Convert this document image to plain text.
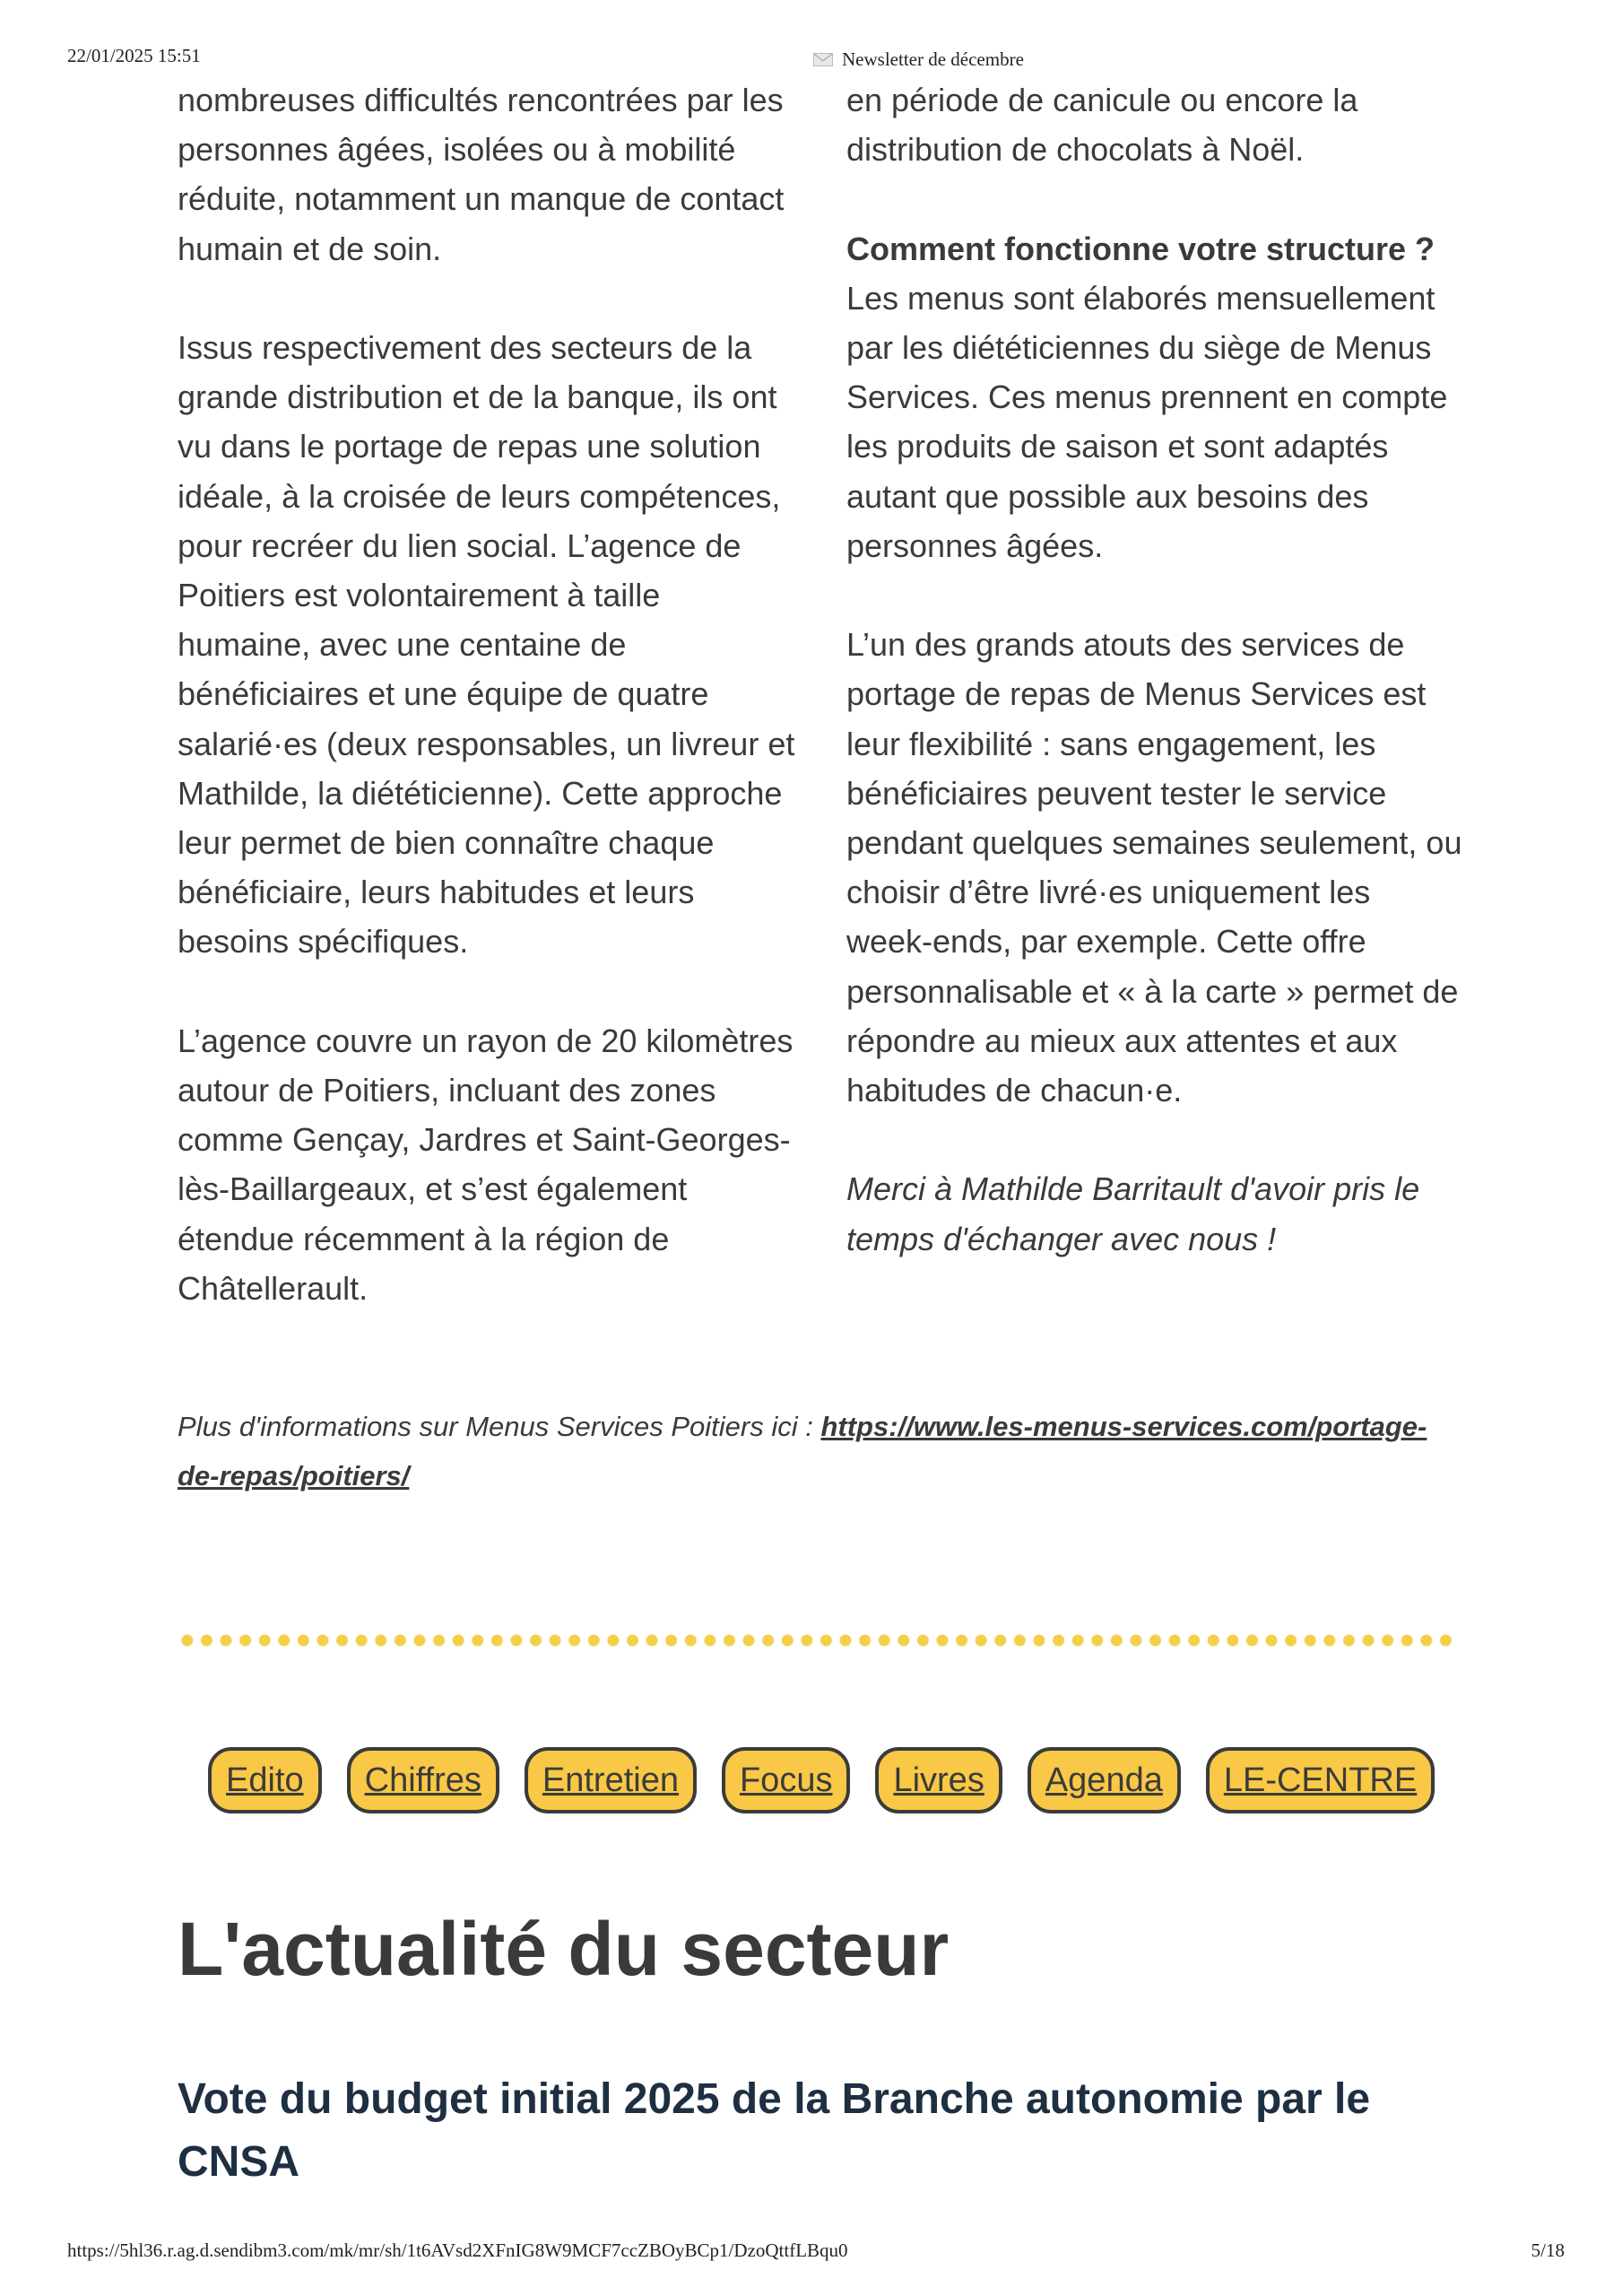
22/01/2025 15:51	Newsletter de décembre

nombreuses difficultés rencontrées par les personnes âgées, isolées ou à mobilité réduite, notamment un manque de contact humain et de soin.

Issus respectivement des secteurs de la grande distribution et de la banque, ils ont vu dans le portage de repas une solution idéale, à la croisée de leurs compétences, pour recréer du lien social. L’agence de Poitiers est volontairement à taille humaine, avec une centaine de bénéficiaires et une équipe de quatre salarié·es (deux responsables, un livreur et Mathilde, la diététicienne). Cette approche leur permet de bien connaître chaque bénéficiaire, leurs habitudes et leurs besoins spécifiques.

L’agence couvre un rayon de 20 kilomètres autour de Poitiers, incluant des zones comme Gençay, Jardres et Saint-Georges-lès-Baillargeaux, et s’est également étendue récemment à la région de Châtellerault.

en période de canicule ou encore la distribution de chocolats à Noël.

Comment fonctionne votre structure ?
Les menus sont élaborés mensuellement par les diététiciennes du siège de Menus Services. Ces menus prennent en compte les produits de saison et sont adaptés autant que possible aux besoins des personnes âgées.

L’un des grands atouts des services de portage de repas de Menus Services est leur flexibilité : sans engagement, les bénéficiaires peuvent tester le service pendant quelques semaines seulement, ou choisir d’être livré·es uniquement les week-ends, par exemple. Cette offre personnalisable et « à la carte » permet de répondre au mieux aux attentes et aux habitudes de chacun·e.

Merci à Mathilde Barritault d'avoir pris le temps d'échanger avec nous !

Plus d'informations sur Menus Services Poitiers ici : https://www.les-menus-services.com/portage-de-repas/poitiers/
Edito	Chiffres	Entretien	Focus	Livres	Agenda	LE-CENTRE
L'actualité du secteur
Vote du budget initial 2025 de la Branche autonomie par le CNSA
https://5hl36.r.ag.d.sendibm3.com/mk/mr/sh/1t6AVsd2XFnIG8W9MCF7ccZBOyBCp1/DzoQttfLBqu0	5/18
